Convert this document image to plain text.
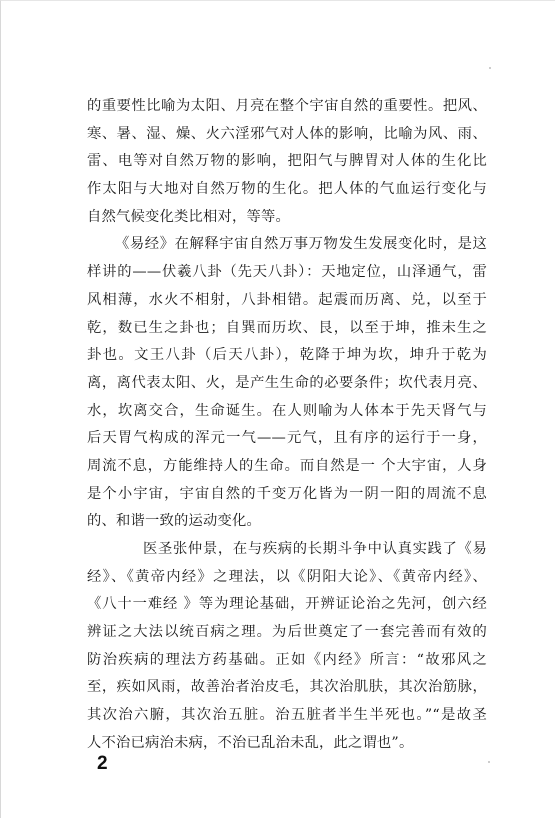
的重要性比喻为太阳、月亮在整个宇宙自然的重要性。把风、
寒、暑、湿、燥、火六淫邪气对人体的影响，比喻为风、雨、
雷、电等对自然万物的影响，把阳气与脾胃对人体的生化比
作太阳与大地对自然万物的生化。把人体的气血运行变化与
自然气候变化类比相对，等等。
《易经》在解释宇宙自然万事万物发生发展变化时，是这
样讲的——伏羲八卦（先天八卦）：天地定位，山泽通气，雷
风相薄，水火不相射，八卦相错。起震而历离、兑，以至于
乾，数已生之卦也；自巽而历坎、艮，以至于坤，推未生之
卦也。文王八卦（后天八卦），乾降于坤为坎，坤升于乾为
离，离代表太阳、火，是产生生命的必要条件；坎代表月亮、
水，坎离交合，生命诞生。在人则喻为人体本于先天肾气与
后天胃气构成的浑元一气——元气，且有序的运行于一身，
周流不息，方能维持人的生命。而自然是一 个大宇宙，人身
是个小宇宙，宇宙自然的千变万化皆为一阴一阳的周流不息
的、和谐一致的运动变化。
医圣张仲景，在与疾病的长期斗争中认真实践了《易
经》、《黄帝内经》之理法，以《阴阳大论》、《黄帝内经》、
《八十一难经 》等为理论基础，开辨证论治之先河，创六经
辨证之大法以统百病之理。为后世奠定了一套完善而有效的
防治疾病的理法方药基础。正如《内经》所言：“故邪风之
至，疾如风雨，故善治者治皮毛，其次治肌肤，其次治筋脉，
其次治六腑，其次治五脏。治五脏者半生半死也。”“是故圣
人不治已病治未病，不治已乱治未乱，此之谓也”。
2
